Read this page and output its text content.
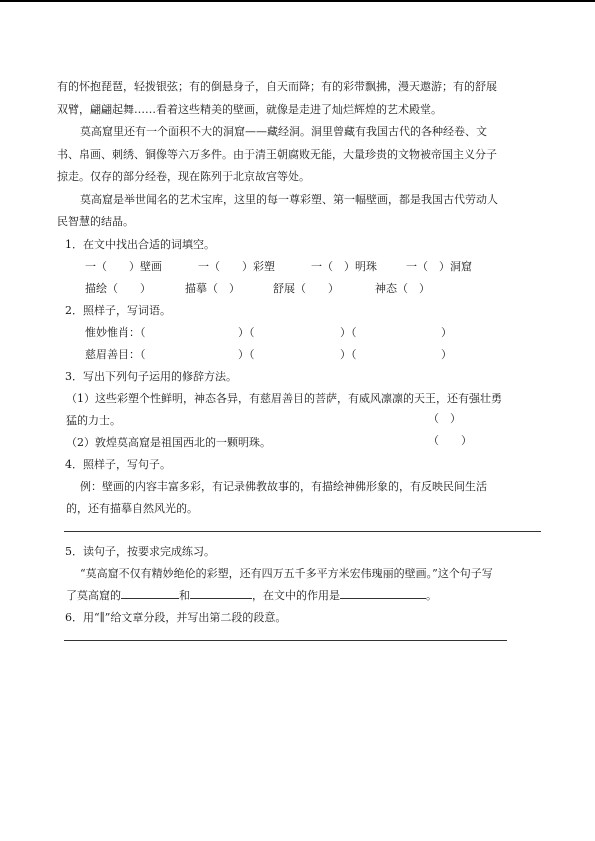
有的怀抱琵琶，轻拨银弦；有的倒悬身子，自天而降；有的彩带飘拂，漫天遨游；有的舒展
双臂，翩翩起舞……看着这些精美的壁画，就像是走进了灿烂辉煌的艺术殿堂。
莫高窟里还有一个面积不大的洞窟——藏经洞。洞里曾藏有我国古代的各种经卷、文
书、帛画、刺绣、铜像等六万多件。由于清王朝腐败无能，大量珍贵的文物被帝国主义分子
掠走。仅存的部分经卷，现在陈列于北京故宫等处。
莫高窟是举世闻名的艺术宝库，这里的每一尊彩塑、第一幅壁画，都是我国古代劳动人
民智慧的结晶。
1．在文中找出合适的词填空。
一（　　）壁画	一（　　）彩塑	一（　）明珠	一（　）洞窟
描绘（　　）	描摹（　）	舒展（　　）	神态（　）
2．照样子，写词语。
惟妙惟肖：（	）（	）（	）
慈眉善目：（	）（	）（	）
3．写出下列句子运用的修辞方法。
（1）这些彩塑个性鲜明，神态各异，有慈眉善目的菩萨，有威风凛凛的天王，还有强壮勇
猛的力士。	（　）
（2）敦煌莫高窟是祖国西北的一颗明珠。	（　　）
4．照样子，写句子。
例：壁画的内容丰富多彩，有记录佛教故事的，有描绘神佛形象的，有反映民间生活
的，还有描摹自然风光的。
5．读句子，按要求完成练习。
“莫高窟不仅有精妙绝伦的彩塑，还有四万五千多平方米宏伟瑰丽的壁画。”这个句子写
了莫高窟的	和	，在文中的作用是	。
6．用“∥”给文章分段，并写出第二段的段意。
